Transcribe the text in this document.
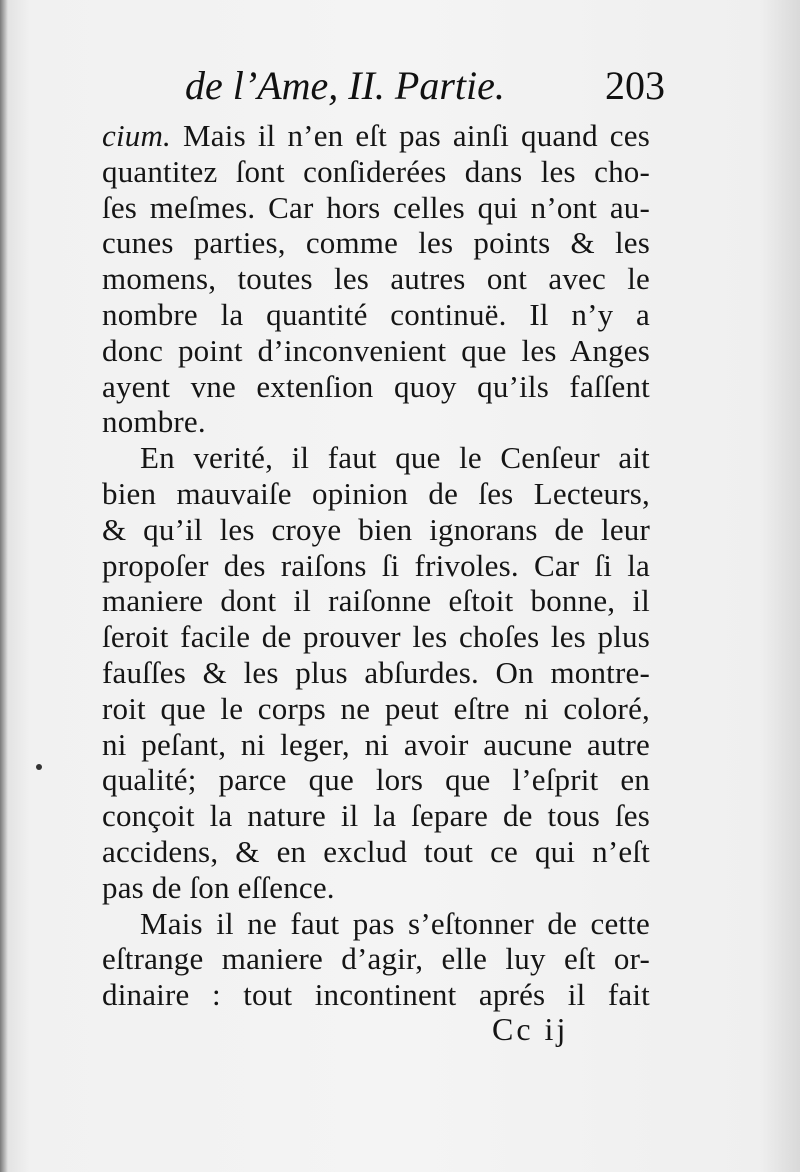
de l’Ame, II. Partie.	203
cium. Mais il n’en eſt pas ainſi quand ces
quantitez ſont conſiderées dans les cho-
ſes meſmes. Car hors celles qui n’ont au-
cunes parties, comme les points & les
momens, toutes les autres ont avec le
nombre la quantité continuë. Il n’y a
donc point d’inconvenient que les Anges
ayent vne extenſion quoy qu’ils faſſent
nombre.
En verité, il faut que le Cenſeur ait
bien mauvaiſe opinion de ſes Lecteurs,
& qu’il les croye bien ignorans de leur
propoſer des raiſons ſi frivoles. Car ſi la
maniere dont il raiſonne eſtoit bonne, il
ſeroit facile de prouver les choſes les plus
fauſſes & les plus abſurdes. On montre-
roit que le corps ne peut eſtre ni coloré,
ni peſant, ni leger, ni avoir aucune autre
qualité; parce que lors que l’eſprit en
conçoit la nature il la ſepare de tous ſes
accidens, & en exclud tout ce qui n’eſt
pas de ſon eſſence.
Mais il ne faut pas s’eſtonner de cette
eſtrange maniere d’agir, elle luy eſt or-
dinaire : tout incontinent aprés il fait
Cc ij
